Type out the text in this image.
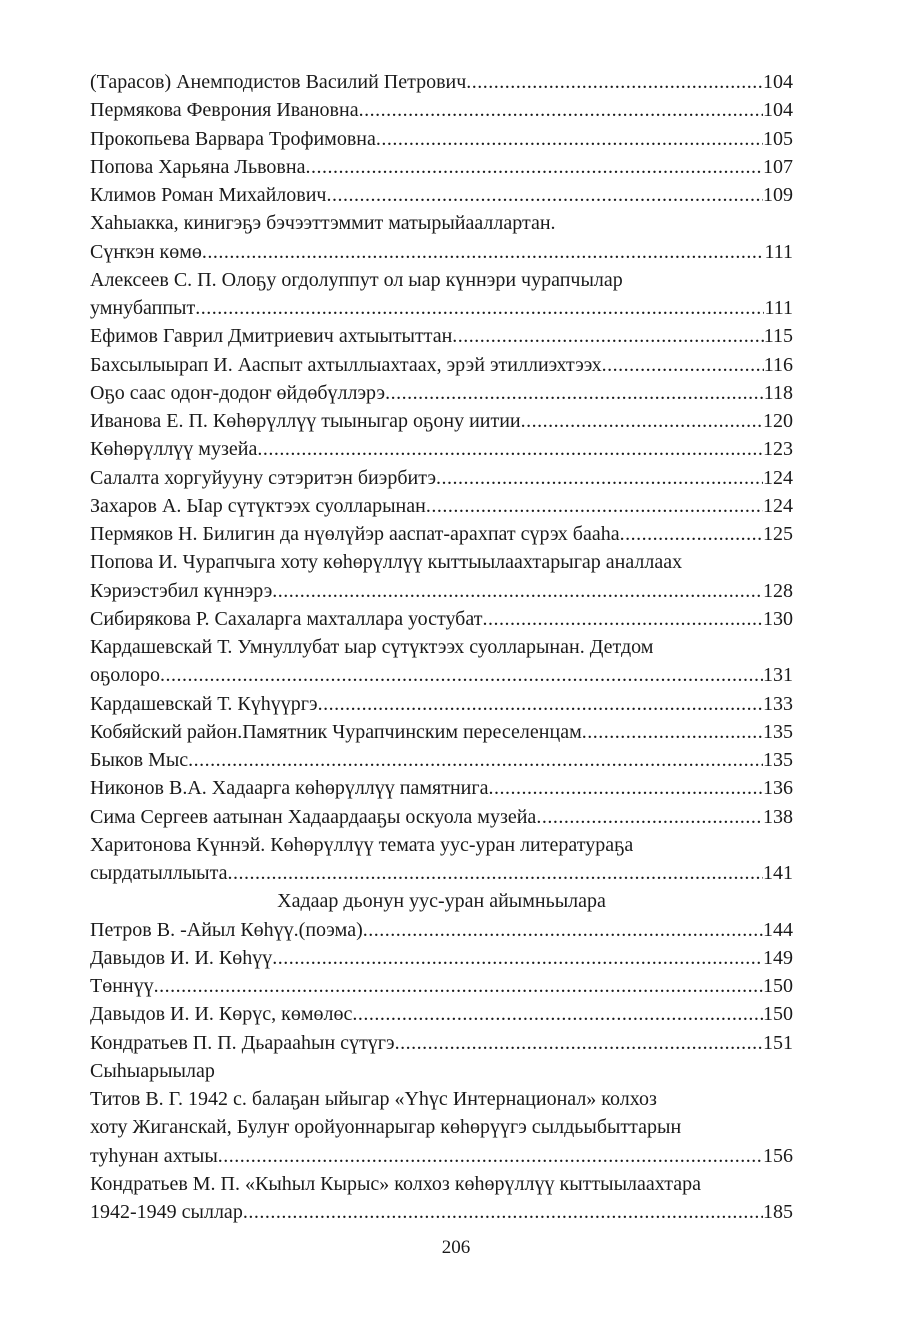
(Тарасов) Анемподистов Василий Петрович .....	104
Пермякова Феврония Ивановна .....	104
Прокопьева Варвара Трофимовна .....	105
Попова Харьяна Львовна .....	107
Климов Роман Михайлович .....	109
Хаһыакка, кинигэҕэ бэчээттэммит матырыйааллартан.
Сүҥкэн көмө .....	111
Алексеев С. П. Олоҕу огдолуппут ол ыар күннэри чурапчылар
умнубаппыт .....	111
Ефимов Гаврил Дмитриевич ахтыытыттан .....	115
Бахсылыырап И. Ааспыт ахтыллыахтаах, эрэй этиллиэхтээх .....	116
Оҕо саас одоҥ-додоҥ өйдөбүллэрэ .....	118
Иванова Е. П. Көһөрүллүү тыыныгар оҕону иитии .....	120
Көһөрүллүү музейа .....	123
Салалта хоргуйууну сэтэритэн биэрбитэ .....	124
Захаров А. Ыар сүтүктээх суолларынан .....	124
Пермяков Н. Билигин да нүөлүйэр ааспат-арахпат сүрэх бааһа .....	125
Попова И. Чурапчыга хоту көһөрүллүү кыттыылаахтарыгар аналлаах
Кэриэстэбил күннэрэ .....	128
Сибирякова Р. Сахаларга махталлара уостубат .....	130
Кардашевскай Т. Умнуллубат ыар сүтүктээх суолларынан. Детдом
оҕолоро .....	131
Кардашевскай Т. Күһүүргэ .....	133
Кобяйский район.Памятник Чурапчинским переселенцам .....	135
Быков Мыс .....	135
Никонов В.А. Хадаарга көһөрүллүү памятнига .....	136
Сима Сергеев аатынан Хадаардааҕы оскуола музейа .....	138
Харитонова Күннэй. Көһөрүллүү темата уус-уран литератураҕа
сырдатыллыыта .....	141
Хадаар дьонун уус-уран айымньылара
Петров В. -Айыл Көһүү.(поэма) .....	144
Давыдов И. И. Көһүү .....	149
Төннүү .....	150
Давыдов И. И. Көрүс, көмөлөс .....	150
Кондратьев П. П. Дьарааһын сүтүгэ .....	151
Сыһыарыылар
Титов В. Г. 1942 с. балаҕан ыйыгар «Үһүс Интернационал» колхоз
хоту Жиганскай, Булуҥ оройуоннарыгар көһөрүүгэ сылдьыбыттарын
туһунан ахтыы .....	156
Кондратьев М. П. «Кыһыл Кырыс» колхоз көһөрүллүү кыттыылаахтара
1942-1949 сыллар .....	185
206
